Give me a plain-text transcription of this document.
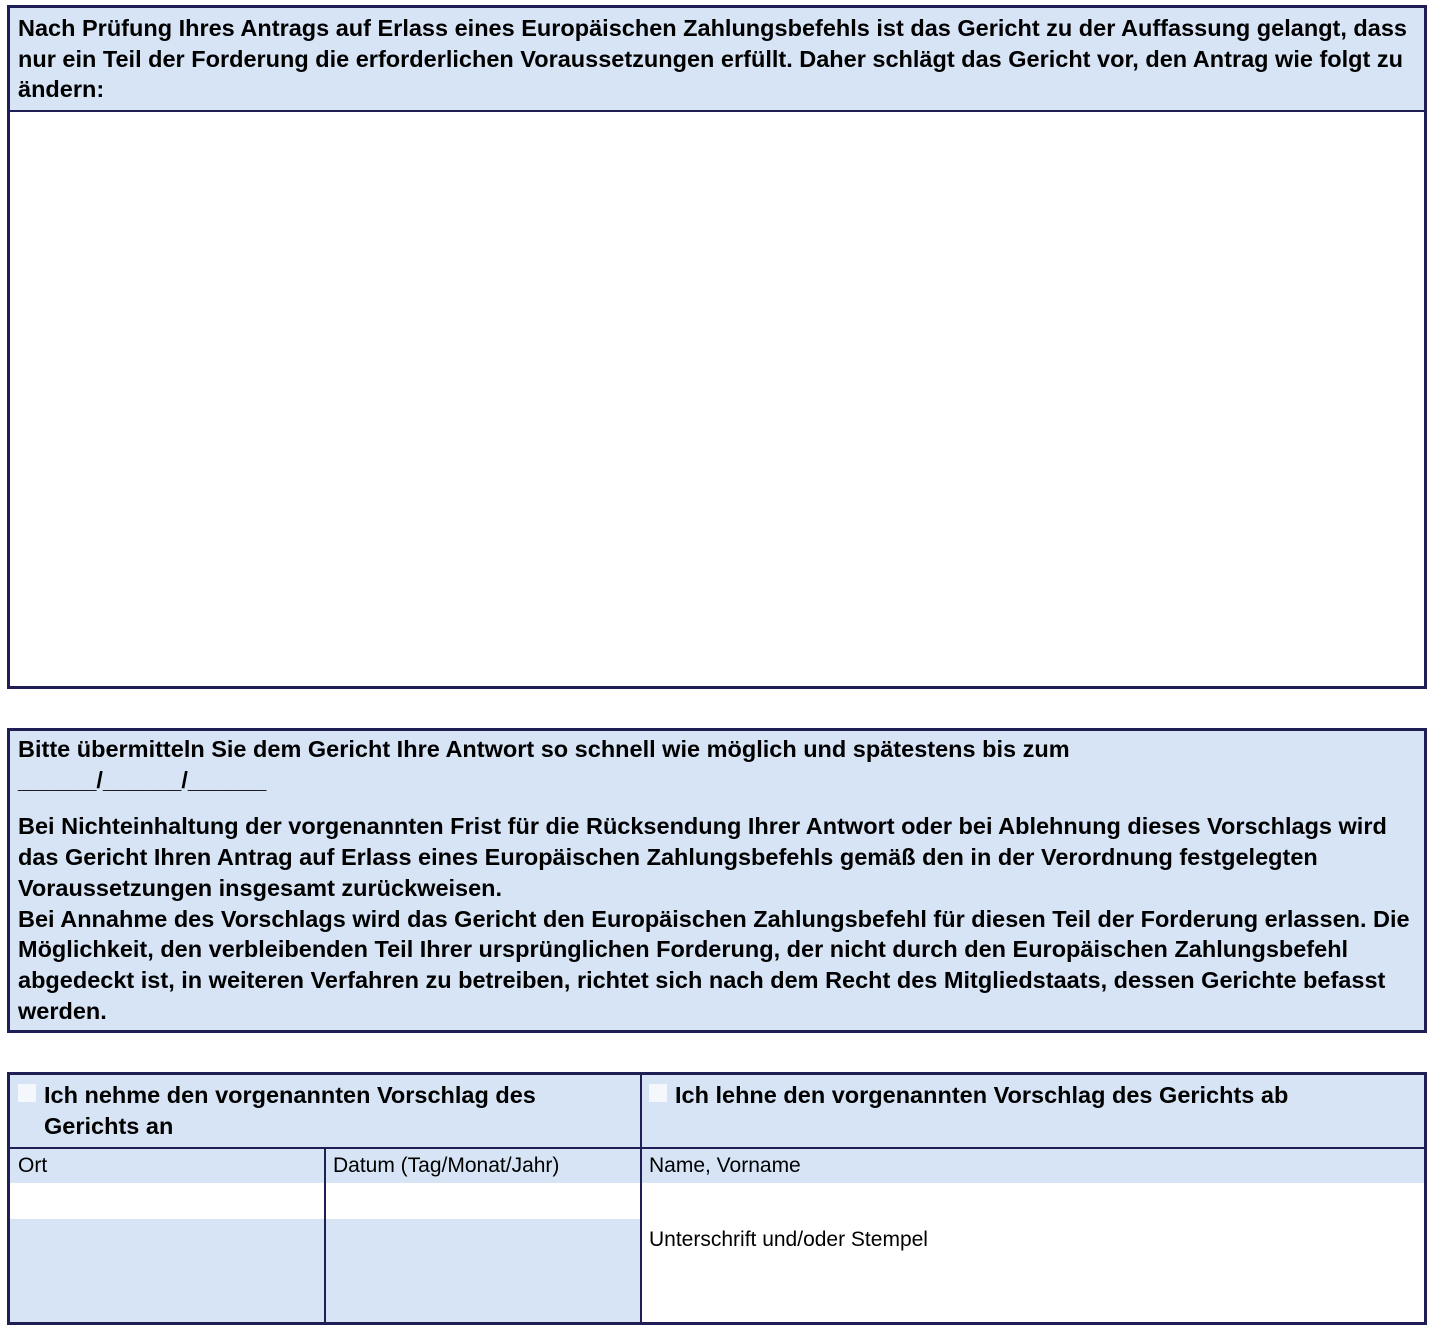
Nach Prüfung Ihres Antrags auf Erlass eines Europäischen Zahlungsbefehls ist das Gericht zu der Auffassung gelangt, dass nur ein Teil der Forderung die erforderlichen Voraussetzungen erfüllt. Daher schlägt das Gericht vor, den Antrag wie folgt zu ändern:

Bitte übermitteln Sie dem Gericht Ihre Antwort so schnell wie möglich und spätestens bis zum

______/______/______

Bei Nichteinhaltung der vorgenannten Frist für die Rücksendung Ihrer Antwort oder bei Ablehnung dieses Vorschlags wird das Gericht Ihren Antrag auf Erlass eines Europäischen Zahlungsbefehls gemäß den in der Verordnung festgelegten Voraussetzungen insgesamt zurückweisen.

Bei Annahme des Vorschlags wird das Gericht den Europäischen Zahlungsbefehl für diesen Teil der Forderung erlassen. Die Möglichkeit, den verbleibenden Teil Ihrer ursprünglichen Forderung, der nicht durch den Europäischen Zahlungsbefehl abgedeckt ist, in weiteren Verfahren zu betreiben, richtet sich nach dem Recht des Mitgliedstaats, dessen Gerichte befasst werden.

Ich nehme den vorgenannten Vorschlag des Gerichts an
Ich lehne den vorgenannten Vorschlag des Gerichts ab
Ort	Datum (Tag/Monat/Jahr)	Name, Vorname
Unterschrift und/oder Stempel
